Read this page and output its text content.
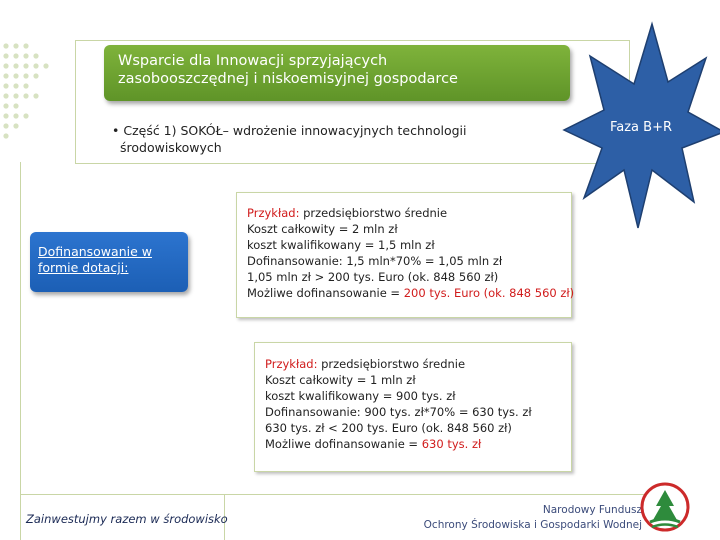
Wsparcie dla Innowacji sprzyjających
zasobooszczędnej i niskoemisyjnej gospodarce
• Część 1) SOKÓŁ– wdrożenie innowacyjnych technologii
środowiskowych
Faza B+R
Dofinansowanie w formie dotacji:
Przykład: przedsiębiorstwo średnie
Koszt całkowity = 2 mln zł
koszt kwalifikowany = 1,5 mln zł
Dofinansowanie: 1,5 mln*70% = 1,05 mln zł
1,05 mln zł > 200 tys. Euro (ok. 848 560 zł)
Możliwe dofinansowanie = 200 tys. Euro (ok. 848 560 zł)
Przykład: przedsiębiorstwo średnie
Koszt całkowity = 1 mln zł
koszt kwalifikowany = 900 tys. zł
Dofinansowanie: 900 tys. zł*70% = 630 tys. zł
630 tys. zł < 200 tys. Euro (ok. 848 560 zł)
Możliwe dofinansowanie = 630 tys. zł
Zainwestujmy razem w środowisko
Narodowy Fundusz
Ochrony Środowiska i Gospodarki Wodnej
